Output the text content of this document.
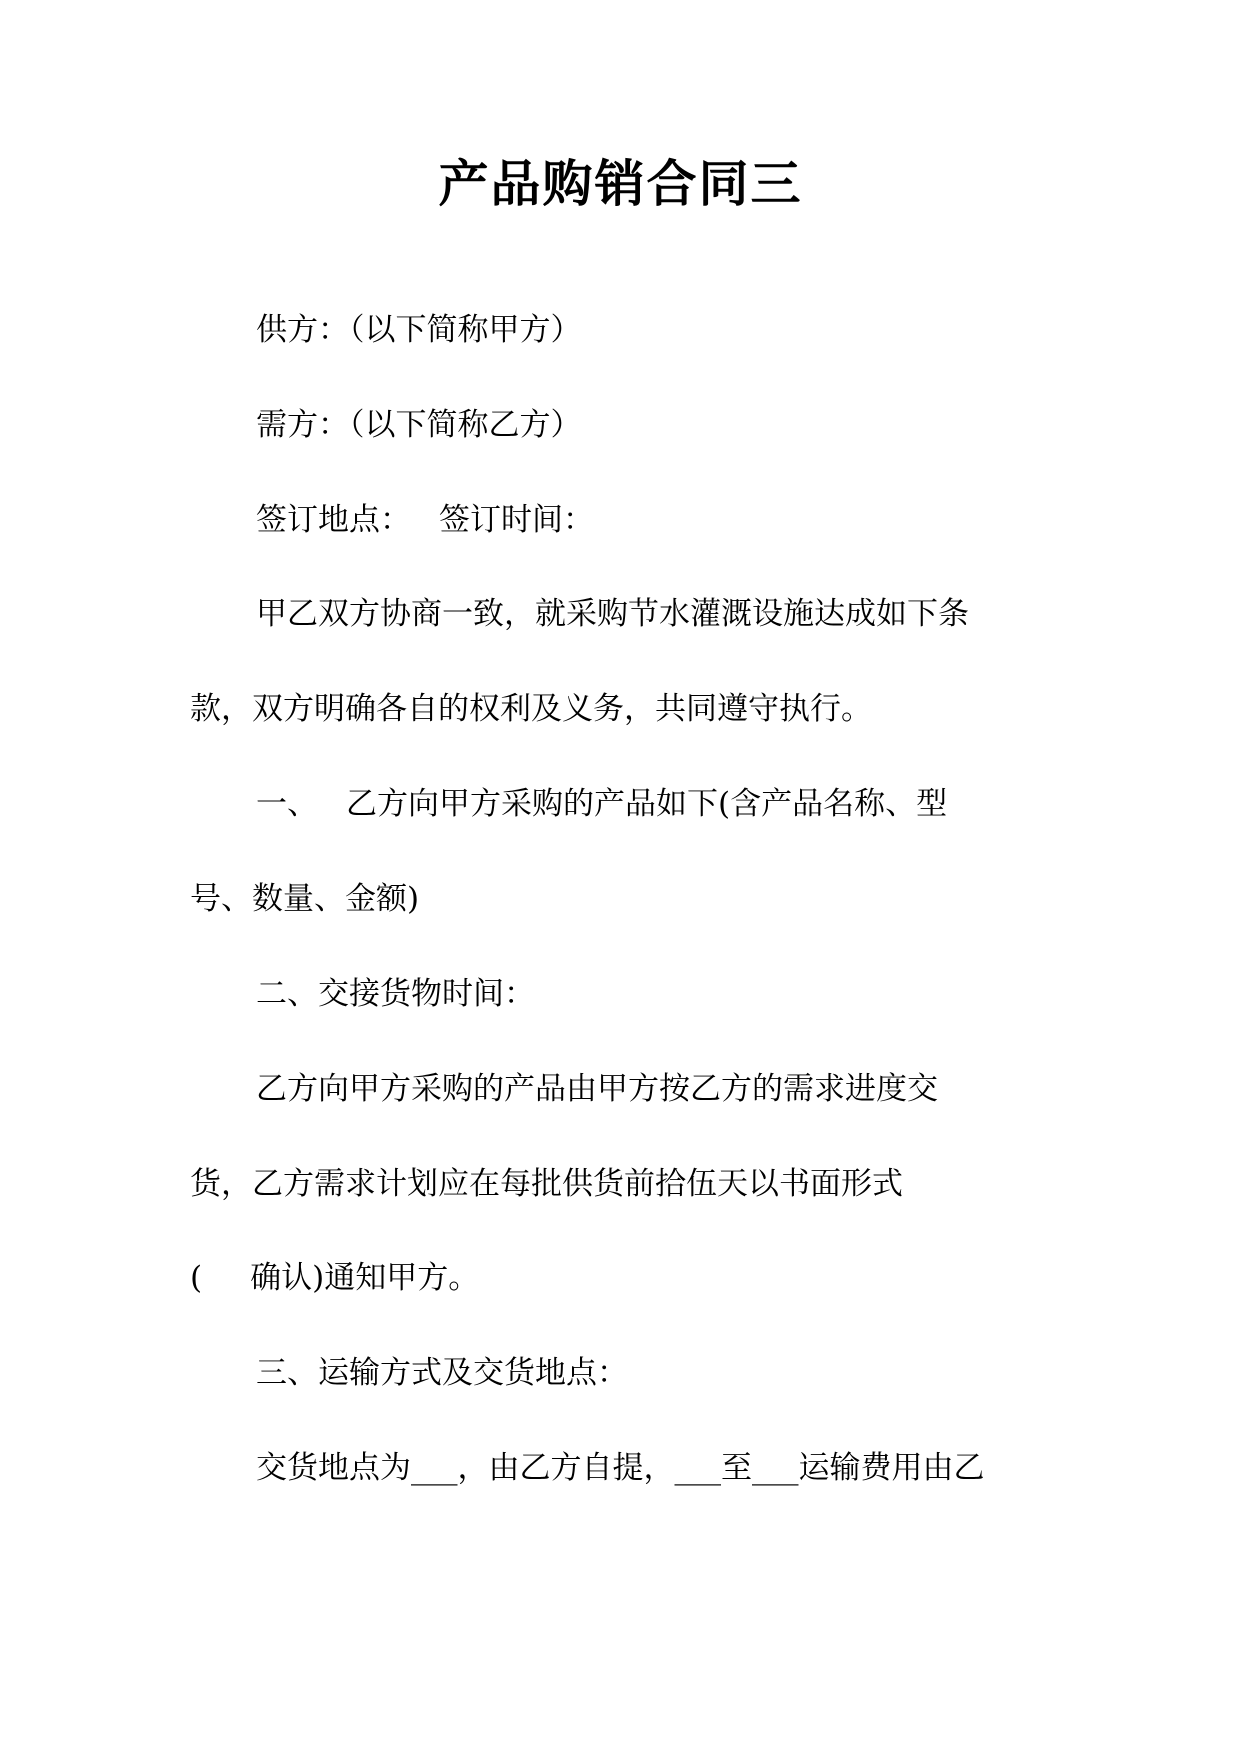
产品购销合同三

供方：（以下简称甲方）

需方：（以下简称乙方）

签订地点： 签订时间：

甲乙双方协商一致，就采购节水灌溉设施达成如下条

款，双方明确各自的权利及义务，共同遵守执行。

一、 乙方向甲方采购的产品如下(含产品名称、型

号、数量、金额)

二、交接货物时间：

乙方向甲方采购的产品由甲方按乙方的需求进度交

货，乙方需求计划应在每批供货前拾伍天以书面形式

( 确认)通知甲方。

三、运输方式及交货地点：

交货地点为___，由乙方自提，___至___运输费用由乙
